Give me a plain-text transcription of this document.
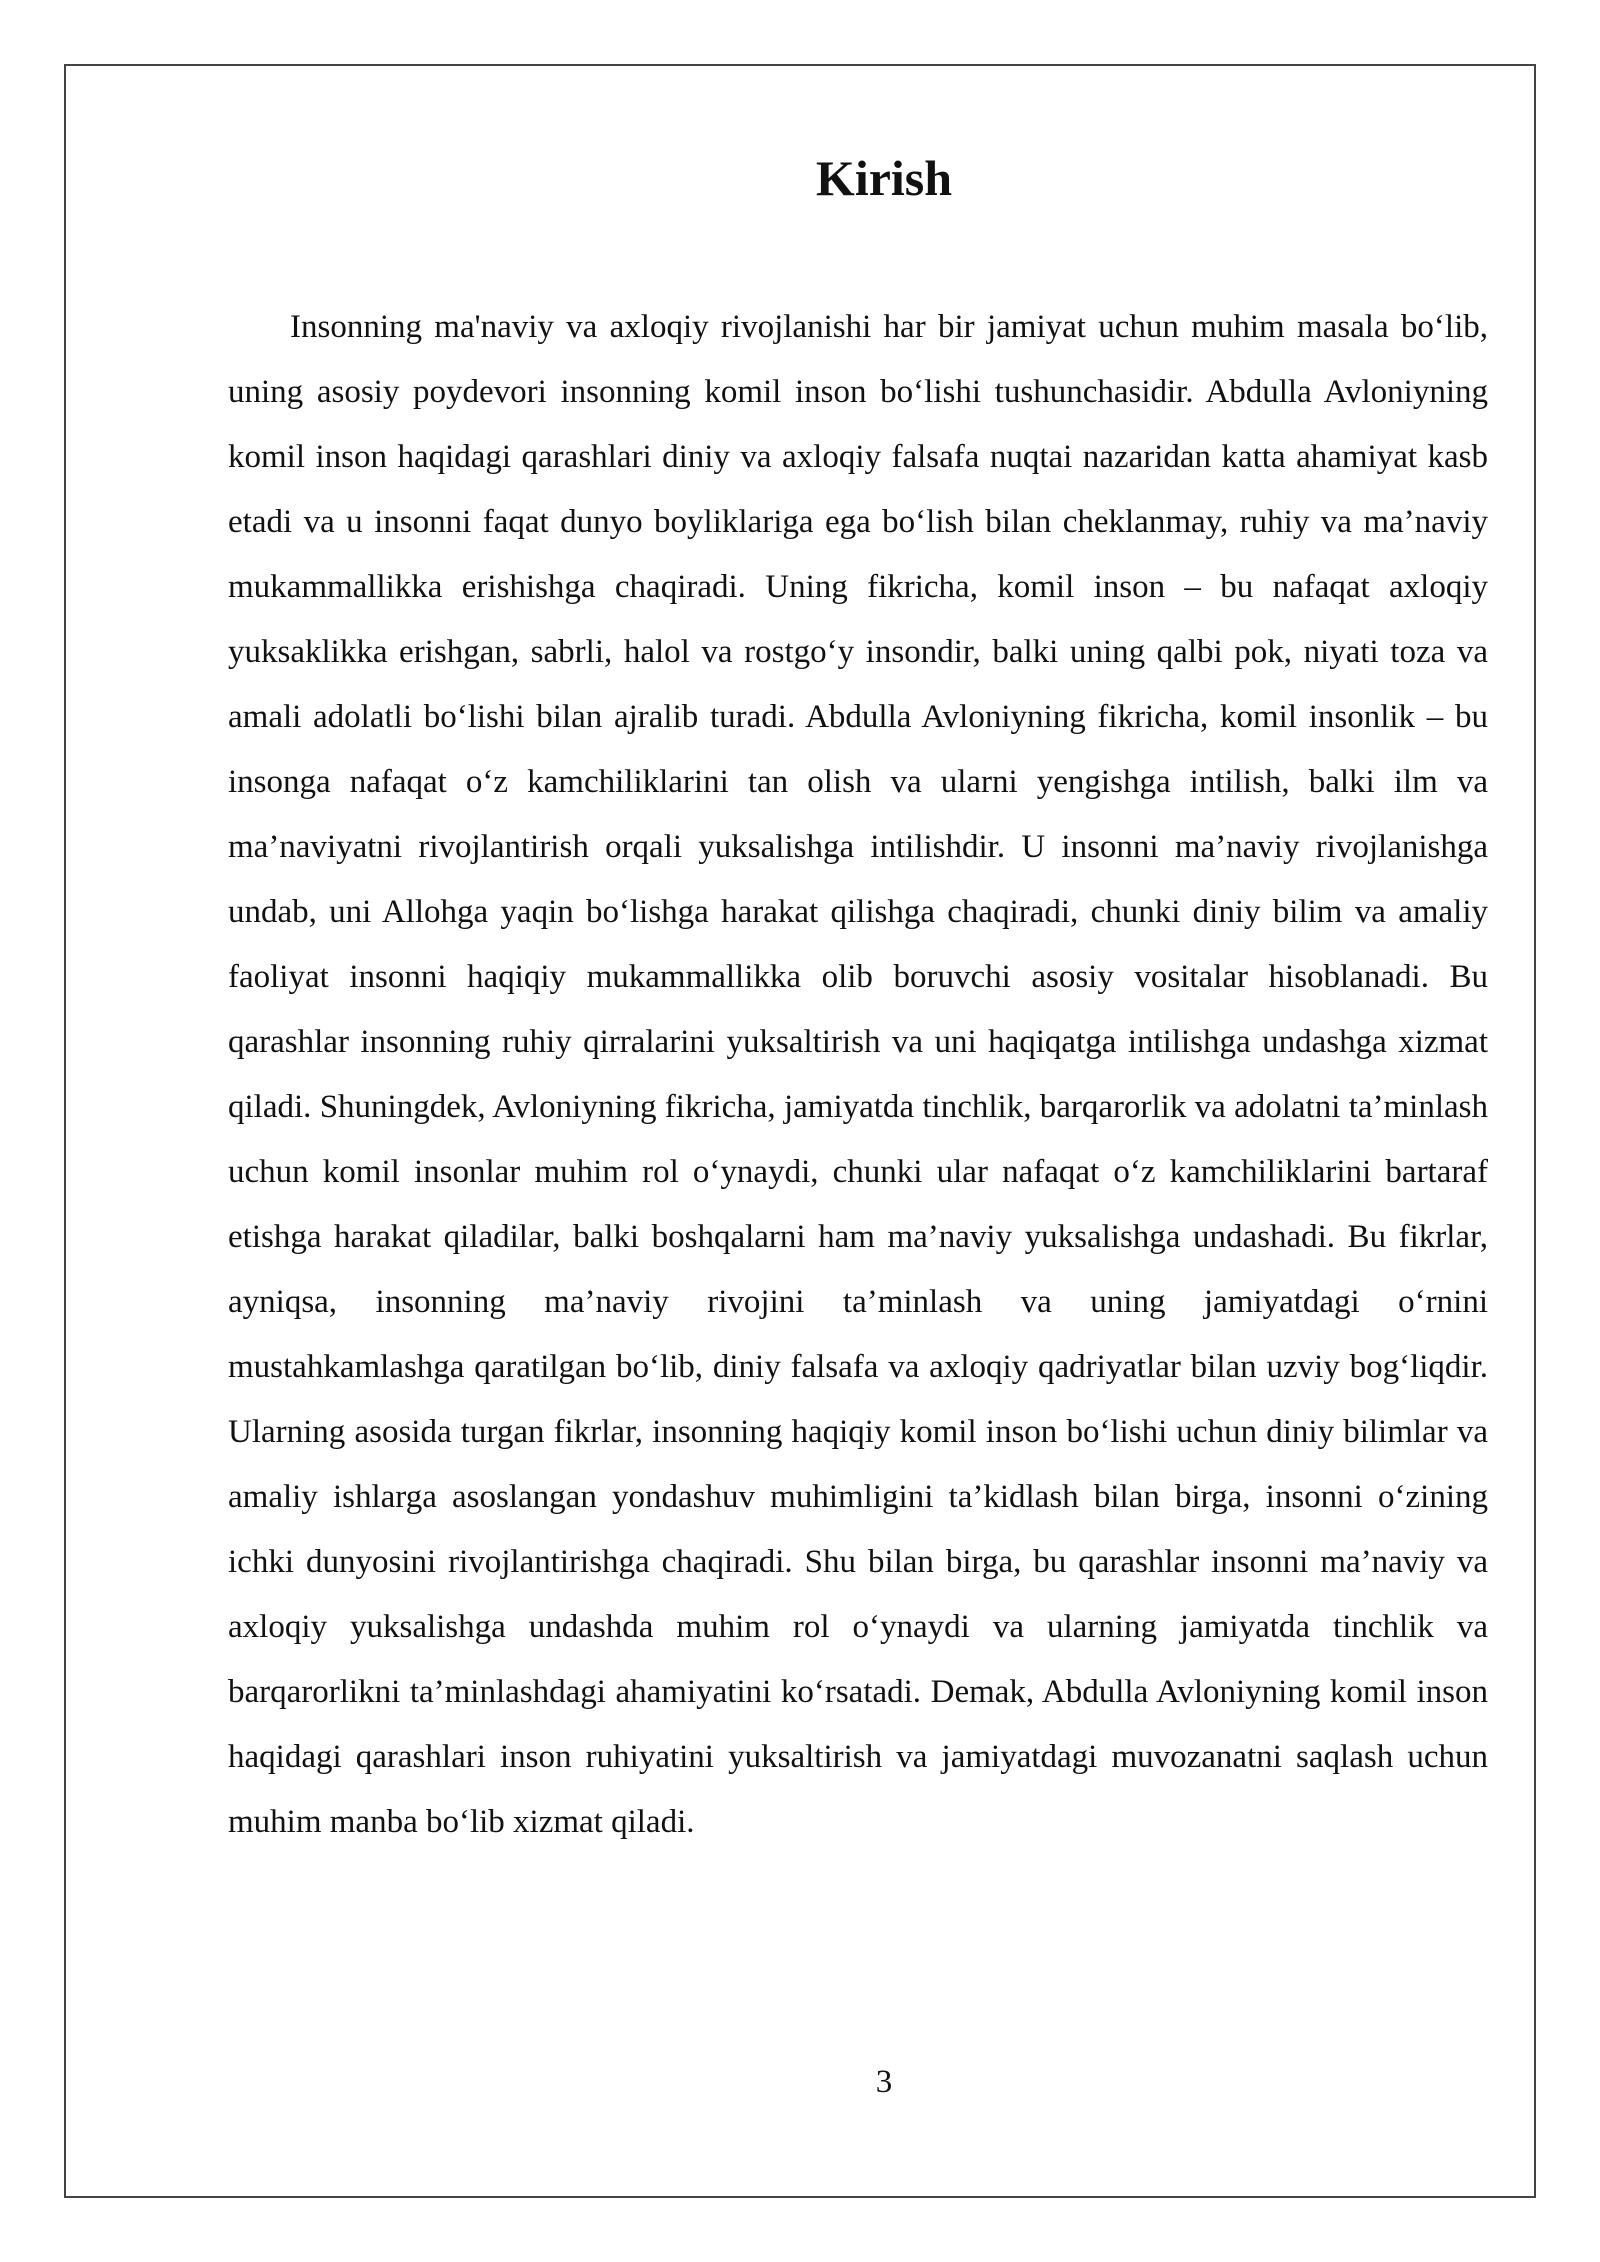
Kirish

Insonning ma'naviy va axloqiy rivojlanishi har bir jamiyat uchun muhim masala bo‘lib, uning asosiy poydevori insonning komil inson bo‘lishi tushunchasidir. Abdulla Avloniyning komil inson haqidagi qarashlari diniy va axloqiy falsafa nuqtai nazaridan katta ahamiyat kasb etadi va u insonni faqat dunyo boyliklariga ega bo‘lish bilan cheklanmay, ruhiy va ma’naviy mukammallikka erishishga chaqiradi. Uning fikricha, komil inson – bu nafaqat axloqiy yuksaklikka erishgan, sabrli, halol va rostgo‘y insondir, balki uning qalbi pok, niyati toza va amali adolatli bo‘lishi bilan ajralib turadi. Abdulla Avloniyning fikricha, komil insonlik – bu insonga nafaqat o‘z kamchiliklarini tan olish va ularni yengishga intilish, balki ilm va ma’naviyatni rivojlantirish orqali yuksalishga intilishdir. U insonni ma’naviy rivojlanishga undab, uni Allohga yaqin bo‘lishga harakat qilishga chaqiradi, chunki diniy bilim va amaliy faoliyat insonni haqiqiy mukammallikka olib boruvchi asosiy vositalar hisoblanadi. Bu qarashlar insonning ruhiy qirralarini yuksaltirish va uni haqiqatga intilishga undashga xizmat qiladi. Shuningdek, Avloniyning fikricha, jamiyatda tinchlik, barqarorlik va adolatni ta’minlash uchun komil insonlar muhim rol o‘ynaydi, chunki ular nafaqat o‘z kamchiliklarini bartaraf etishga harakat qiladilar, balki boshqalarni ham ma’naviy yuksalishga undashadi. Bu fikrlar, ayniqsa, insonning ma’naviy rivojini ta’minlash va uning jamiyatdagi o‘rnini mustahkamlashga qaratilgan bo‘lib, diniy falsafa va axloqiy qadriyatlar bilan uzviy bog‘liqdir. Ularning asosida turgan fikrlar, insonning haqiqiy komil inson bo‘lishi uchun diniy bilimlar va amaliy ishlarga asoslangan yondashuv muhimligini ta’kidlash bilan birga, insonni o‘zining ichki dunyosini rivojlantirishga chaqiradi. Shu bilan birga, bu qarashlar insonni ma’naviy va axloqiy yuksalishga undashda muhim rol o‘ynaydi va ularning jamiyatda tinchlik va barqarorlikni ta’minlashdagi ahamiyatini ko‘rsatadi. Demak, Abdulla Avloniyning komil inson haqidagi qarashlari inson ruhiyatini yuksaltirish va jamiyatdagi muvozanatni saqlash uchun muhim manba bo‘lib xizmat qiladi.

3
